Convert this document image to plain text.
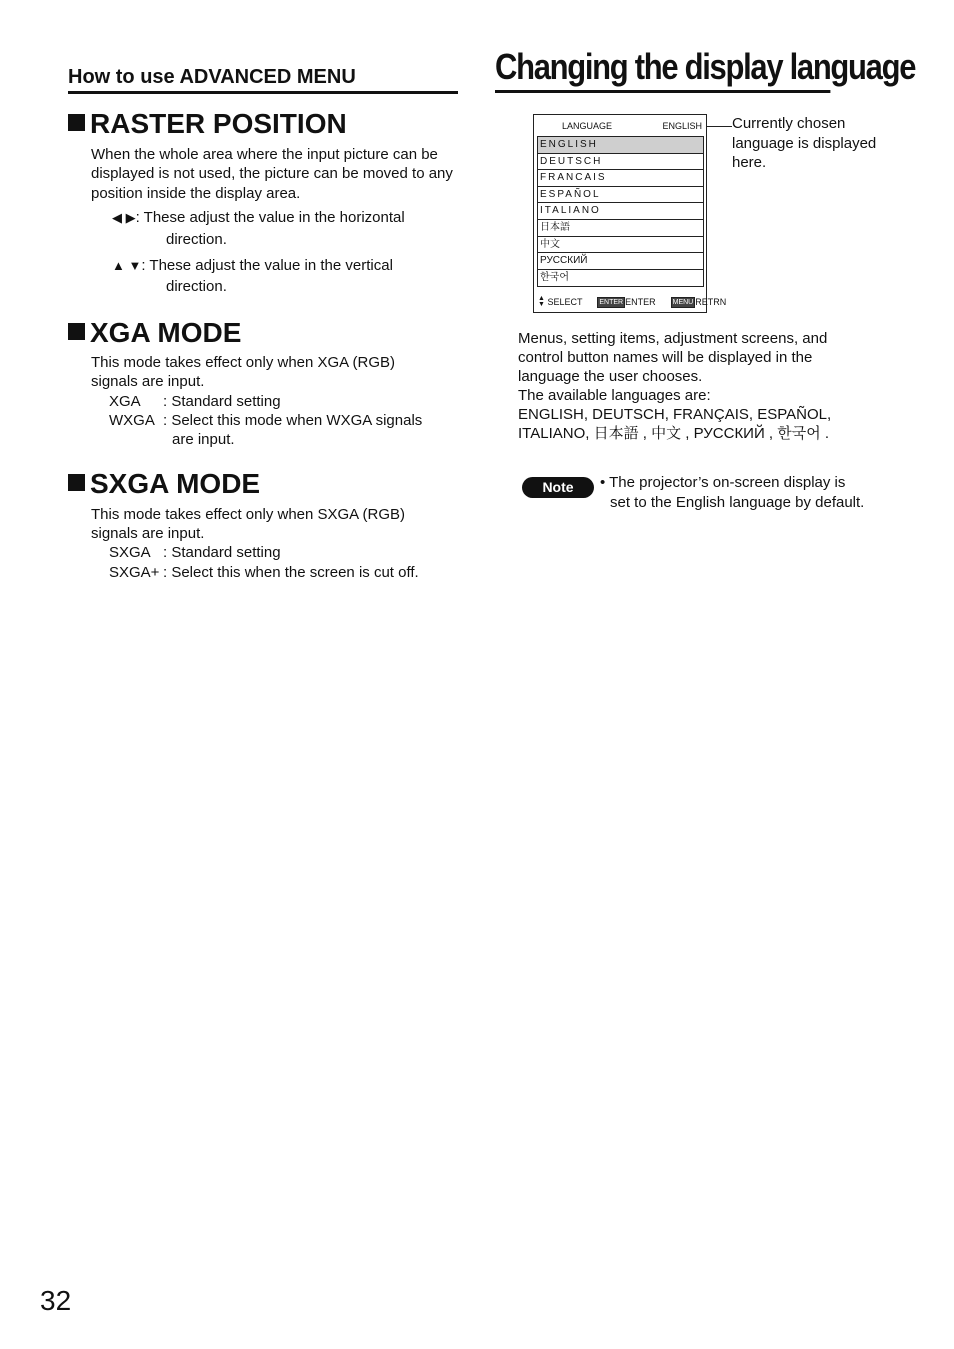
How to use ADVANCED MENU	Changing the display language
RASTER POSITION
When the whole area where the input picture can be displayed is not used, the picture can be moved to any position inside the display area.
◀ ▶: These adjust the value in the horizontal
direction.
▲ ▼: These adjust the value in the vertical
direction.
XGA MODE
This mode takes effect only when XGA (RGB)
signals are input.
XGA : Standard setting
WXGA : Select this mode when WXGA signals
are input.
SXGA MODE
This mode takes effect only when SXGA (RGB)
signals are input.
SXGA : Standard setting
SXGA+ : Select this when the screen is cut off.
LANGUAGE	ENGLISH
ENGLISH
DEUTSCH
FRANCAIS
ESPAÑOL
ITALIANO
日本語
中文
РУССКИЙ
한국어
▲
▼ SELECT ENTER ENTER MENU RETRN
Currently chosen
language is displayed
here.
Menus, setting items, adjustment screens, and
control button names will be displayed in the
language the user chooses.
The available languages are:
ENGLISH, DEUTSCH, FRANÇAIS, ESPAÑOL,
ITALIANO, 日本語 , 中文 , РУССКИЙ , 한국어 .
Note	• The projector’s on-screen display is
set to the English language by default.
32
